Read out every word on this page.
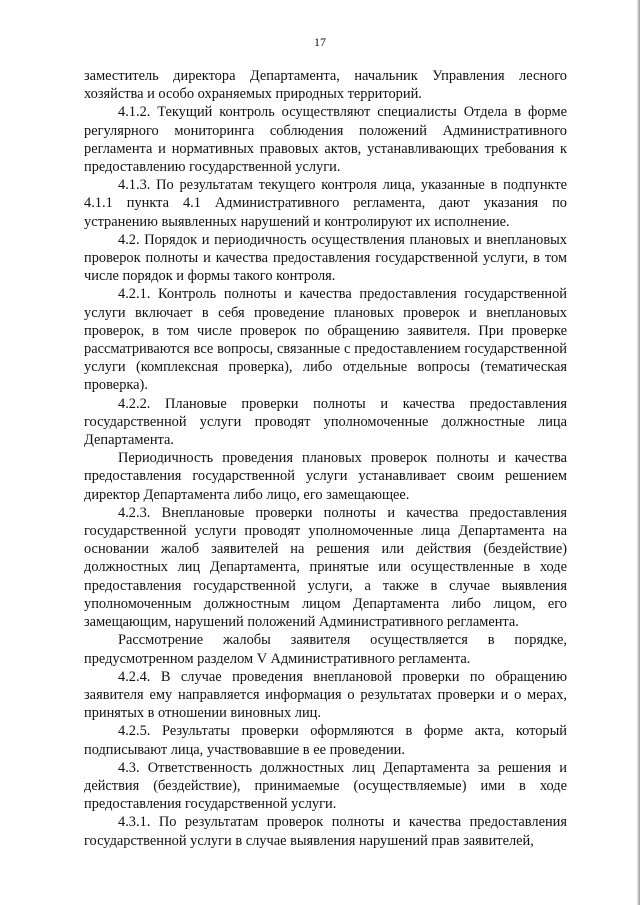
17

заместитель директора Департамента, начальник Управления лесного хозяйства и особо охраняемых природных территорий.

4.1.2. Текущий контроль осуществляют специалисты Отдела в форме регулярного мониторинга соблюдения положений Административного регламента и нормативных правовых актов, устанавливающих требования к предоставлению государственной услуги.

4.1.3. По результатам текущего контроля лица, указанные в подпункте 4.1.1 пункта 4.1 Административного регламента, дают указания по устранению выявленных нарушений и контролируют их исполнение.

4.2. Порядок и периодичность осуществления плановых и внеплановых проверок полноты и качества предоставления государственной услуги, в том числе порядок и формы такого контроля.

4.2.1. Контроль полноты и качества предоставления государственной услуги включает в себя проведение плановых проверок и внеплановых проверок, в том числе проверок по обращению заявителя. При проверке рассматриваются все вопросы, связанные с предоставлением государственной услуги (комплексная проверка), либо отдельные вопросы (тематическая проверка).

4.2.2. Плановые проверки полноты и качества предоставления государственной услуги проводят уполномоченные должностные лица Департамента.

Периодичность проведения плановых проверок полноты и качества предоставления государственной услуги устанавливает своим решением директор Департамента либо лицо, его замещающее.

4.2.3. Внеплановые проверки полноты и качества предоставления государственной услуги проводят уполномоченные лица Департамента на основании жалоб заявителей на решения или действия (бездействие) должностных лиц Департамента, принятые или осуществленные в ходе предоставления государственной услуги, а также в случае выявления уполномоченным должностным лицом Департамента либо лицом, его замещающим, нарушений положений Административного регламента.

Рассмотрение жалобы заявителя осуществляется в порядке, предусмотренном разделом V Административного регламента.

4.2.4. В случае проведения внеплановой проверки по обращению заявителя ему направляется информация о результатах проверки и о мерах, принятых в отношении виновных лиц.

4.2.5. Результаты проверки оформляются в форме акта, который подписывают лица, участвовавшие в ее проведении.

4.3. Ответственность должностных лиц Департамента за решения и действия (бездействие), принимаемые (осуществляемые) ими в ходе предоставления государственной услуги.

4.3.1. По результатам проверок полноты и качества предоставления государственной услуги в случае выявления нарушений прав заявителей,
